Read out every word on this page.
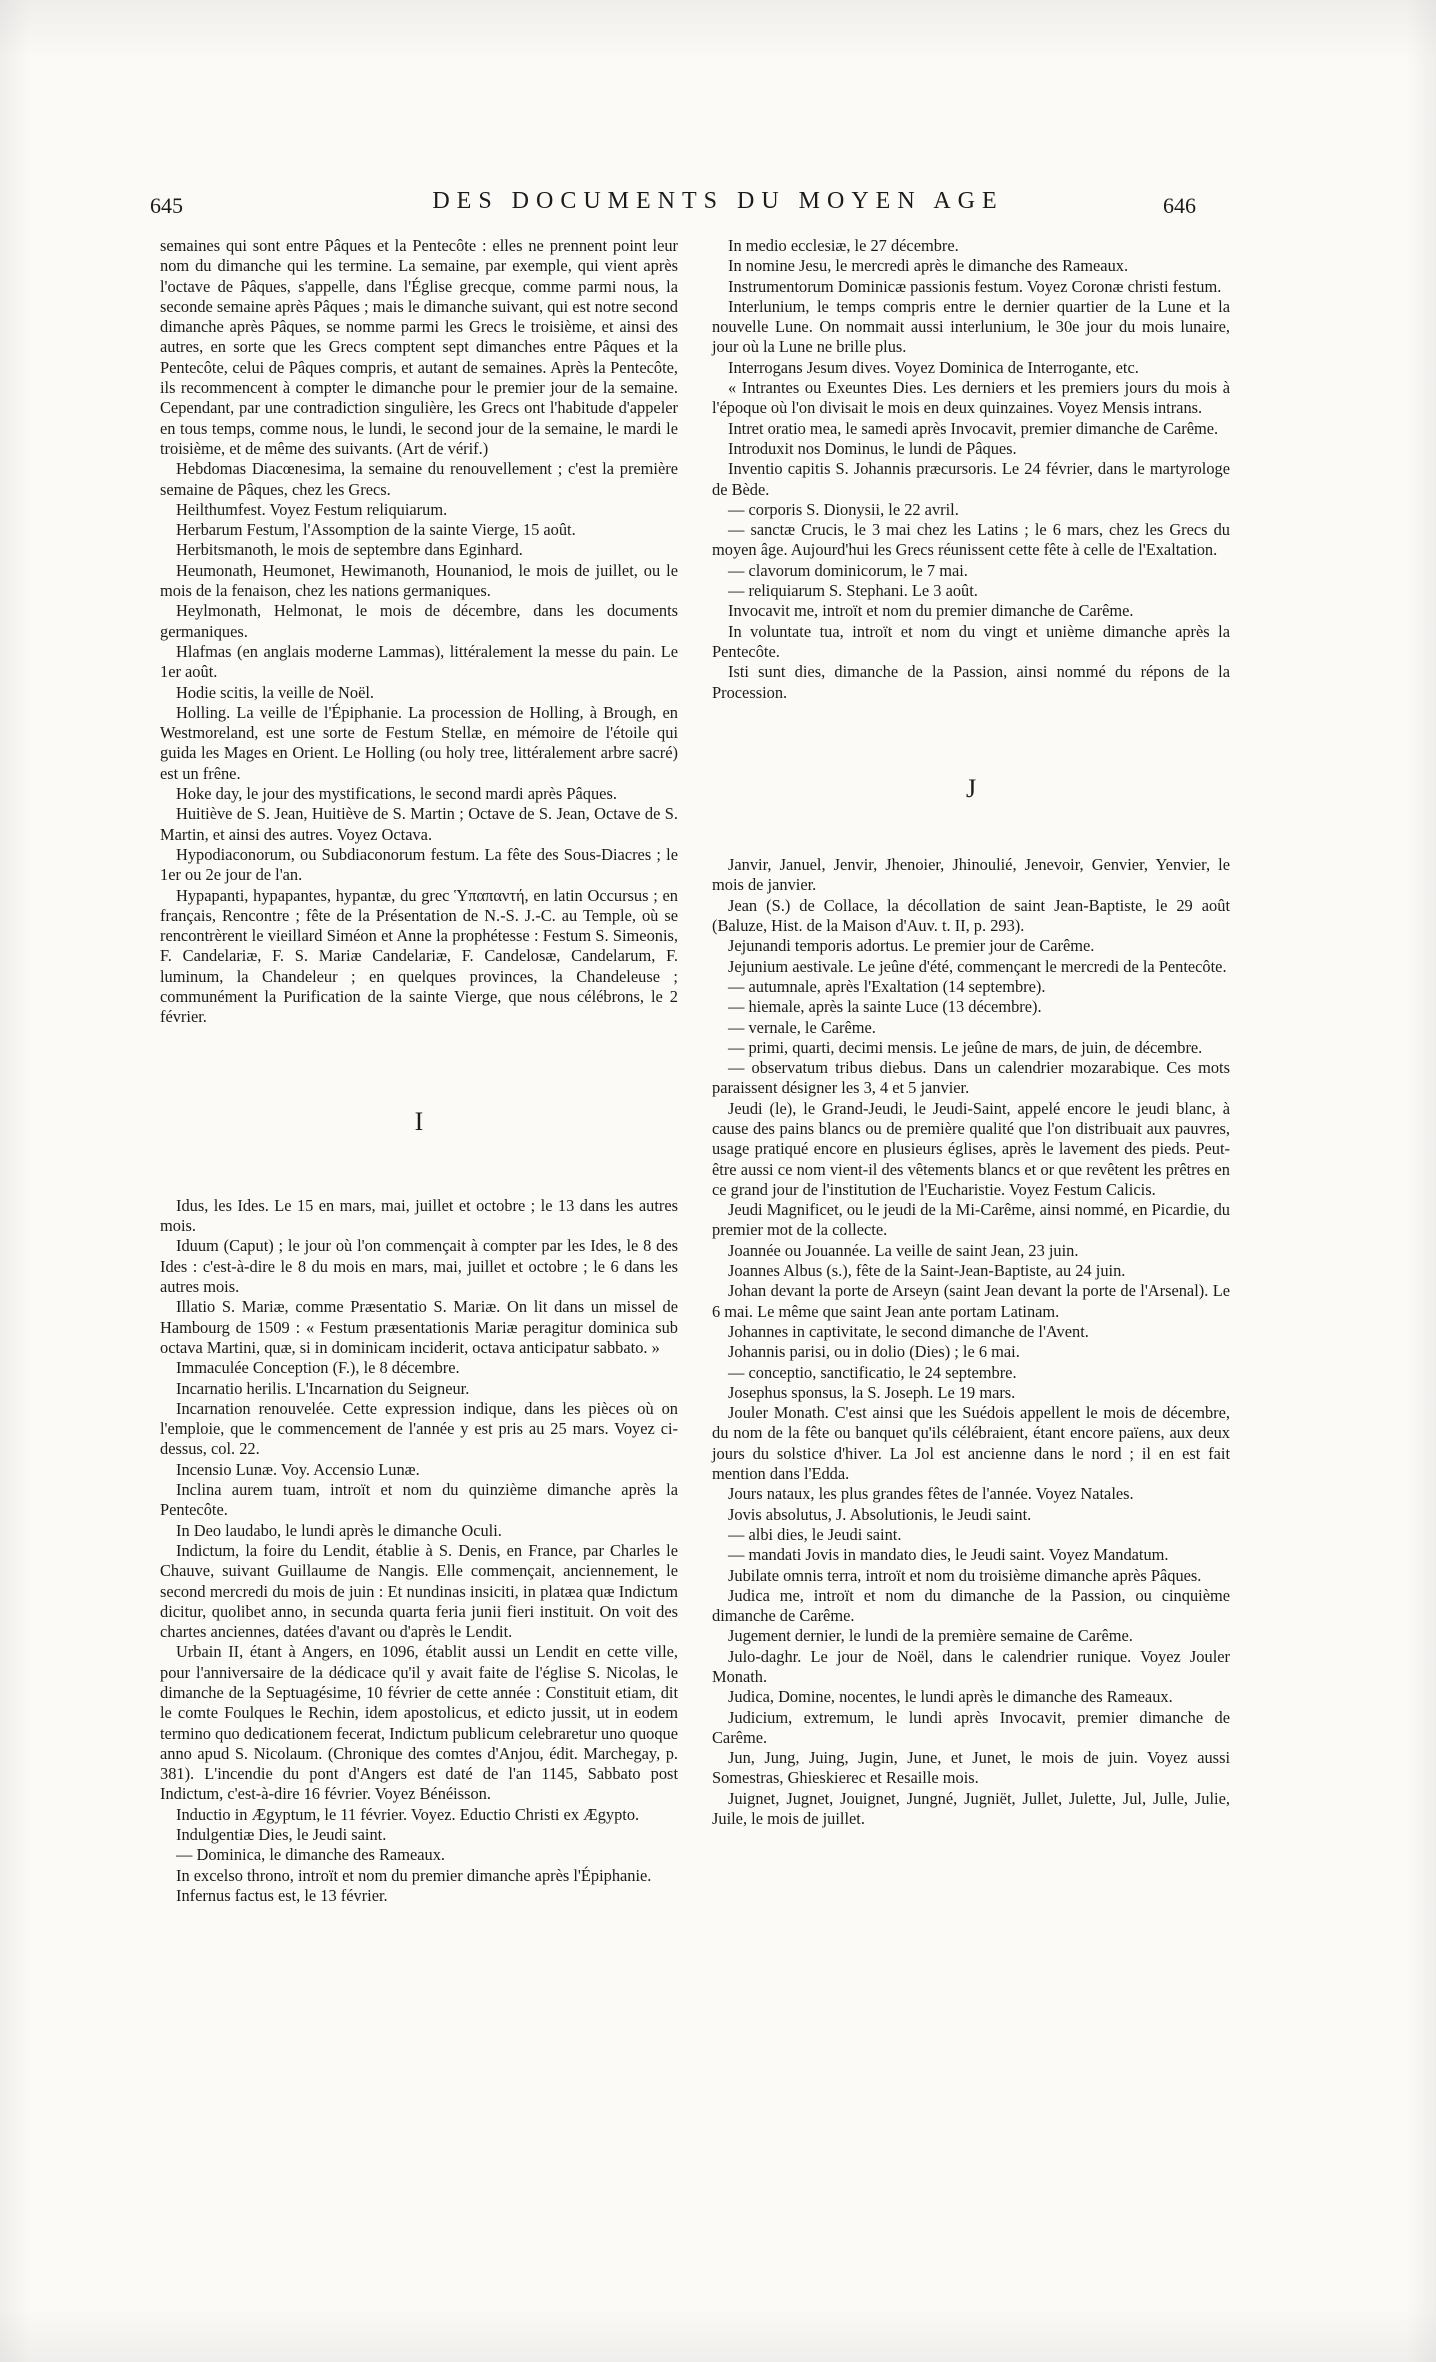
645	DES DOCUMENTS DU MOYEN AGE	646

semaines qui sont entre Pâques et la Pentecôte : elles ne prennent point leur nom du dimanche qui les termine. La semaine, par exemple, qui vient après l'octave de Pâques, s'appelle, dans l'Église grecque, comme parmi nous, la seconde semaine après Pâques ; mais le dimanche suivant, qui est notre second dimanche après Pâques, se nomme parmi les Grecs le troisième, et ainsi des autres, en sorte que les Grecs comptent sept dimanches entre Pâques et la Pentecôte, celui de Pâques compris, et autant de semaines. Après la Pentecôte, ils recommencent à compter le dimanche pour le premier jour de la semaine. Cependant, par une contradiction singulière, les Grecs ont l'habitude d'appeler en tous temps, comme nous, le lundi, le second jour de la semaine, le mardi le troisième, et de même des suivants. (Art de vérif.)

Hebdomas Diacœnesima, la semaine du renouvellement ; c'est la première semaine de Pâques, chez les Grecs.

Heilthumfest. Voyez Festum reliquiarum.

Herbarum Festum, l'Assomption de la sainte Vierge, 15 août.

Herbitsmanoth, le mois de septembre dans Eginhard.

Heumonath, Heumonet, Hewimanoth, Hounaniod, le mois de juillet, ou le mois de la fenaison, chez les nations germaniques.

Heylmonath, Helmonat, le mois de décembre, dans les documents germaniques.

Hlafmas (en anglais moderne Lammas), littéralement la messe du pain. Le 1er août.

Hodie scitis, la veille de Noël.

Holling. La veille de l'Épiphanie. La procession de Holling, à Brough, en Westmoreland, est une sorte de Festum Stellæ, en mémoire de l'étoile qui guida les Mages en Orient. Le Holling (ou holy tree, littéralement arbre sacré) est un frêne.

Hoke day, le jour des mystifications, le second mardi après Pâques.

Huitiève de S. Jean, Huitiève de S. Martin ; Octave de S. Jean, Octave de S. Martin, et ainsi des autres. Voyez Octava.

Hypodiaconorum, ou Subdiaconorum festum. La fête des Sous-Diacres ; le 1er ou 2e jour de l'an.

Hypapanti, hypapantes, hypantæ, du grec Ὑπαπαντή, en latin Occursus ; en français, Rencontre ; fête de la Présentation de N.-S. J.-C. au Temple, où se rencontrèrent le vieillard Siméon et Anne la prophétesse : Festum S. Simeonis, F. Candelariæ, F. S. Mariæ Candelariæ, F. Candelosæ, Candelarum, F. luminum, la Chandeleur ; en quelques provinces, la Chandeleuse ; communément la Purification de la sainte Vierge, que nous célébrons, le 2 février.

I

Idus, les Ides. Le 15 en mars, mai, juillet et octobre ; le 13 dans les autres mois.

Iduum (Caput) ; le jour où l'on commençait à compter par les Ides, le 8 des Ides : c'est-à-dire le 8 du mois en mars, mai, juillet et octobre ; le 6 dans les autres mois.

Illatio S. Mariæ, comme Præsentatio S. Mariæ. On lit dans un missel de Hambourg de 1509 : « Festum præsentationis Mariæ peragitur dominica sub octava Martini, quæ, si in dominicam inciderit, octava anticipatur sabbato. »

Immaculée Conception (F.), le 8 décembre.

Incarnatio herilis. L'Incarnation du Seigneur.

Incarnation renouvelée. Cette expression indique, dans les pièces où on l'emploie, que le commencement de l'année y est pris au 25 mars. Voyez ci-dessus, col. 22.

Incensio Lunæ. Voy. Accensio Lunæ.

Inclina aurem tuam, introït et nom du quinzième dimanche après la Pentecôte.

In Deo laudabo, le lundi après le dimanche Oculi.

Indictum, la foire du Lendit, établie à S. Denis, en France, par Charles le Chauve, suivant Guillaume de Nangis. Elle commençait, anciennement, le second mercredi du mois de juin : Et nundinas insiciti, in platæa quæ Indictum dicitur, quolibet anno, in secunda quarta feria junii fieri instituit. On voit des chartes anciennes, datées d'avant ou d'après le Lendit.

Urbain II, étant à Angers, en 1096, établit aussi un Lendit en cette ville, pour l'anniversaire de la dédicace qu'il y avait faite de l'église S. Nicolas, le dimanche de la Septuagésime, 10 février de cette année : Constituit etiam, dit le comte Foulques le Rechin, idem apostolicus, et edicto jussit, ut in eodem termino quo dedicationem fecerat, Indictum publicum celebraretur uno quoque anno apud S. Nicolaum. (Chronique des comtes d'Anjou, édit. Marchegay, p. 381). L'incendie du pont d'Angers est daté de l'an 1145, Sabbato post Indictum, c'est-à-dire 16 février. Voyez Bénéisson.

Inductio in Ægyptum, le 11 février. Voyez. Eductio Christi ex Ægypto.

Indulgentiæ Dies, le Jeudi saint.

— Dominica, le dimanche des Rameaux.

In excelso throno, introït et nom du premier dimanche après l'Épiphanie.

Infernus factus est, le 13 février.

In medio ecclesiæ, le 27 décembre.

In nomine Jesu, le mercredi après le dimanche des Rameaux.

Instrumentorum Dominicæ passionis festum. Voyez Coronæ christi festum.

Interlunium, le temps compris entre le dernier quartier de la Lune et la nouvelle Lune. On nommait aussi interlunium, le 30e jour du mois lunaire, jour où la Lune ne brille plus.

Interrogans Jesum dives. Voyez Dominica de Interrogante, etc.

« Intrantes ou Exeuntes Dies. Les derniers et les premiers jours du mois à l'époque où l'on divisait le mois en deux quinzaines. Voyez Mensis intrans.

Intret oratio mea, le samedi après Invocavit, premier dimanche de Carême.

Introduxit nos Dominus, le lundi de Pâques.

Inventio capitis S. Johannis præcursoris. Le 24 février, dans le martyrologe de Bède.

— corporis S. Dionysii, le 22 avril.

— sanctæ Crucis, le 3 mai chez les Latins ; le 6 mars, chez les Grecs du moyen âge. Aujourd'hui les Grecs réunissent cette fête à celle de l'Exaltation.

— clavorum dominicorum, le 7 mai.

— reliquiarum S. Stephani. Le 3 août.

Invocavit me, introït et nom du premier dimanche de Carême.

In voluntate tua, introït et nom du vingt et unième dimanche après la Pentecôte.

Isti sunt dies, dimanche de la Passion, ainsi nommé du répons de la Procession.

J

Janvir, Januel, Jenvir, Jhenoier, Jhinoulié, Jenevoir, Genvier, Yenvier, le mois de janvier.

Jean (S.) de Collace, la décollation de saint Jean-Baptiste, le 29 août (Baluze, Hist. de la Maison d'Auv. t. II, p. 293).

Jejunandi temporis adortus. Le premier jour de Carême.

Jejunium aestivale. Le jeûne d'été, commençant le mercredi de la Pentecôte.

— autumnale, après l'Exaltation (14 septembre).

— hiemale, après la sainte Luce (13 décembre).

— vernale, le Carême.

— primi, quarti, decimi mensis. Le jeûne de mars, de juin, de décembre.

— observatum tribus diebus. Dans un calendrier mozarabique. Ces mots paraissent désigner les 3, 4 et 5 janvier.

Jeudi (le), le Grand-Jeudi, le Jeudi-Saint, appelé encore le jeudi blanc, à cause des pains blancs ou de première qualité que l'on distribuait aux pauvres, usage pratiqué encore en plusieurs églises, après le lavement des pieds. Peut-être aussi ce nom vient-il des vêtements blancs et or que revêtent les prêtres en ce grand jour de l'institution de l'Eucharistie. Voyez Festum Calicis.

Jeudi Magnificet, ou le jeudi de la Mi-Carême, ainsi nommé, en Picardie, du premier mot de la collecte.

Joannée ou Jouannée. La veille de saint Jean, 23 juin.

Joannes Albus (s.), fête de la Saint-Jean-Baptiste, au 24 juin.

Johan devant la porte de Arseyn (saint Jean devant la porte de l'Arsenal). Le 6 mai. Le même que saint Jean ante portam Latinam.

Johannes in captivitate, le second dimanche de l'Avent.

Johannis parisi, ou in dolio (Dies) ; le 6 mai.

— conceptio, sanctificatio, le 24 septembre.

Josephus sponsus, la S. Joseph. Le 19 mars.

Jouler Monath. C'est ainsi que les Suédois appellent le mois de décembre, du nom de la fête ou banquet qu'ils célébraient, étant encore païens, aux deux jours du solstice d'hiver. La Jol est ancienne dans le nord ; il en est fait mention dans l'Edda.

Jours nataux, les plus grandes fêtes de l'année. Voyez Natales.

Jovis absolutus, J. Absolutionis, le Jeudi saint.

— albi dies, le Jeudi saint.

— mandati Jovis in mandato dies, le Jeudi saint. Voyez Mandatum.

Jubilate omnis terra, introït et nom du troisième dimanche après Pâques.

Judica me, introït et nom du dimanche de la Passion, ou cinquième dimanche de Carême.

Jugement dernier, le lundi de la première semaine de Carême.

Julo-daghr. Le jour de Noël, dans le calendrier runique. Voyez Jouler Monath.

Judica, Domine, nocentes, le lundi après le dimanche des Rameaux.

Judicium, extremum, le lundi après Invocavit, premier dimanche de Carême.

Jun, Jung, Juing, Jugin, June, et Junet, le mois de juin. Voyez aussi Somestras, Ghieskierec et Resaille mois.

Juignet, Jugnet, Jouignet, Jungné, Jugniët, Jullet, Julette, Jul, Julle, Julie, Juile, le mois de juillet.
